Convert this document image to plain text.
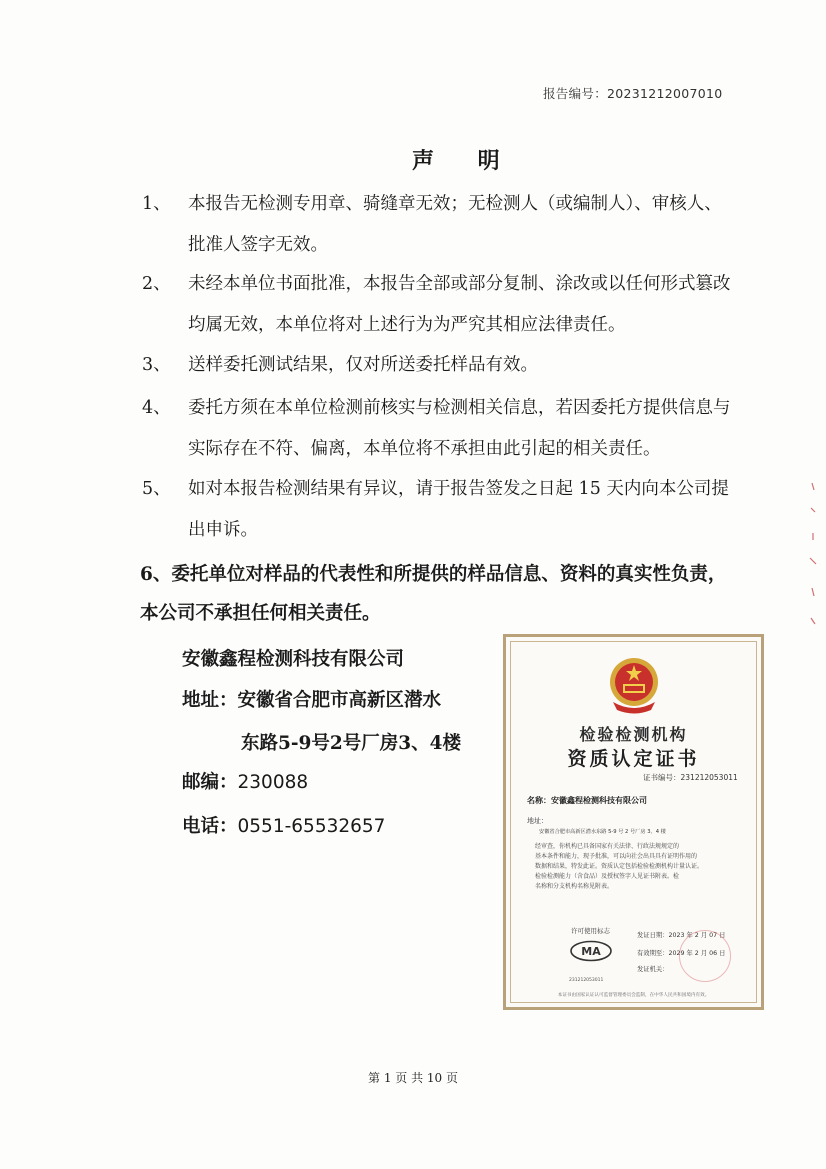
报告编号：20231212007010
声 明
1、 本报告无检测专用章、骑缝章无效；无检测人（或编制人）、审核人、
批准人签字无效。
2、 未经本单位书面批准，本报告全部或部分复制、涂改或以任何形式篡改
均属无效，本单位将对上述行为为严究其相应法律责任。
3、 送样委托测试结果，仅对所送委托样品有效。
4、 委托方须在本单位检测前核实与检测相关信息，若因委托方提供信息与
实际存在不符、偏离，本单位将不承担由此引起的相关责任。
5、 如对本报告检测结果有异议，请于报告签发之日起 15 天内向本公司提
出申诉。
6、委托单位对样品的代表性和所提供的样品信息、资料的真实性负责，
本公司不承担任何相关责任。
安徽鑫程检测科技有限公司
地址：安徽省合肥市高新区潜水
东路5-9号2号厂房3、4楼
邮编：230088
电话：0551-65532657
检验检测机构
资质认定证书
证书编号：231212053011
名称：安徽鑫程检测科技有限公司
地址：
安徽省合肥市高新区潜水东路 5-9 号 2 号厂房 3、4 楼
经审查，你机构已具备国家有关法律、行政法规规定的
基本条件和能力，现予批准，可以向社会出具具有证明作用的
数据和结果，特发此证。资质认定包括检验检测机构计量认证。
检验检测能力（含食品）及授权签字人见证书附表。检
名称和分支机构名称见附表。
许可使用标志
MA
231212053011
发证日期：2023 年 2 月 07 日
有效期至：2029 年 2 月 06 日
发证机关：
本证书由国家认证认可监督管理委员会监制，在中华人民共和国境内有效。
第 1 页 共 10 页
